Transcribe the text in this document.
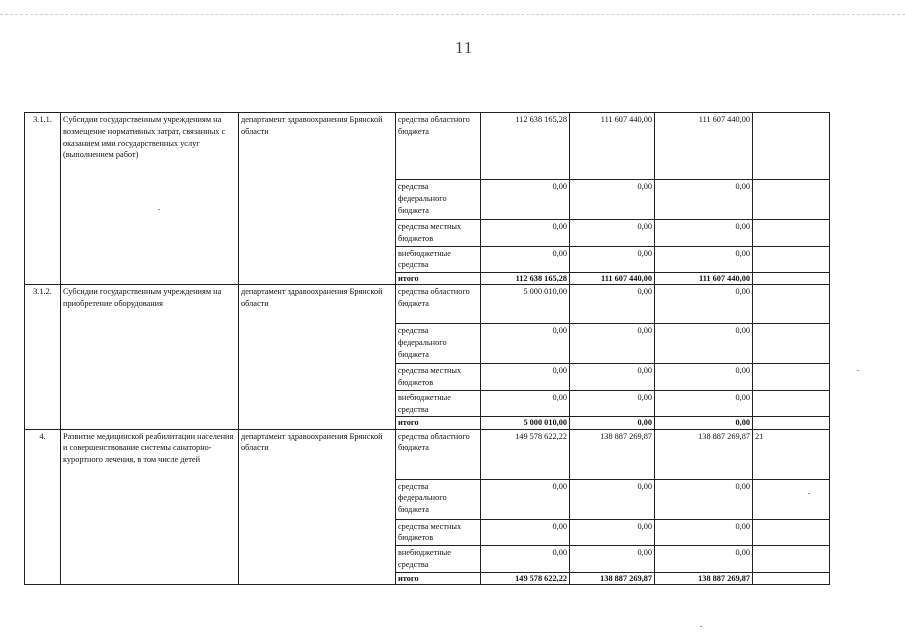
11
3.1.1.	Субсидии государственным учреждениям на возмещение нормативных затрат, связанных с оказанием ими государственных услуг (выполнением работ)	департамент здравоохранения Брянской области	средства областного бюджета	112 638 165,28	111 607 440,00	111 607 440,00	
			средства федерального бюджета	0,00	0,00	0,00	
			средства местных бюджетов	0,00	0,00	0,00	
			внебюджетные средства	0,00	0,00	0,00	
			итого	112 638 165,28	111 607 440,00	111 607 440,00	
3.1.2.	Субсидии государственным учреждениям на приобретение оборудования	департамент здравоохранения Брянской области	средства областного бюджета	5 000 010,00	0,00	0,00	
			средства федерального бюджета	0,00	0,00	0,00	
			средства местных бюджетов	0,00	0,00	0,00	
			внебюджетные средства	0,00	0,00	0,00	
			итого	5 000 010,00	0,00	0,00	
4.	Развитие медицинской реабилитации населения и совершенствование системы санаторно-курортного лечения, в том числе детей	департамент здравоохранения Брянской области	средства областного бюджета	149 578 622,22	138 887 269,87	138 887 269,87	21
			средства федерального бюджета	0,00	0,00	0,00	
			средства местных бюджетов	0,00	0,00	0,00	
			внебюджетные средства	0,00	0,00	0,00	
			итого	149 578 622,22	138 887 269,87	138 887 269,87	
